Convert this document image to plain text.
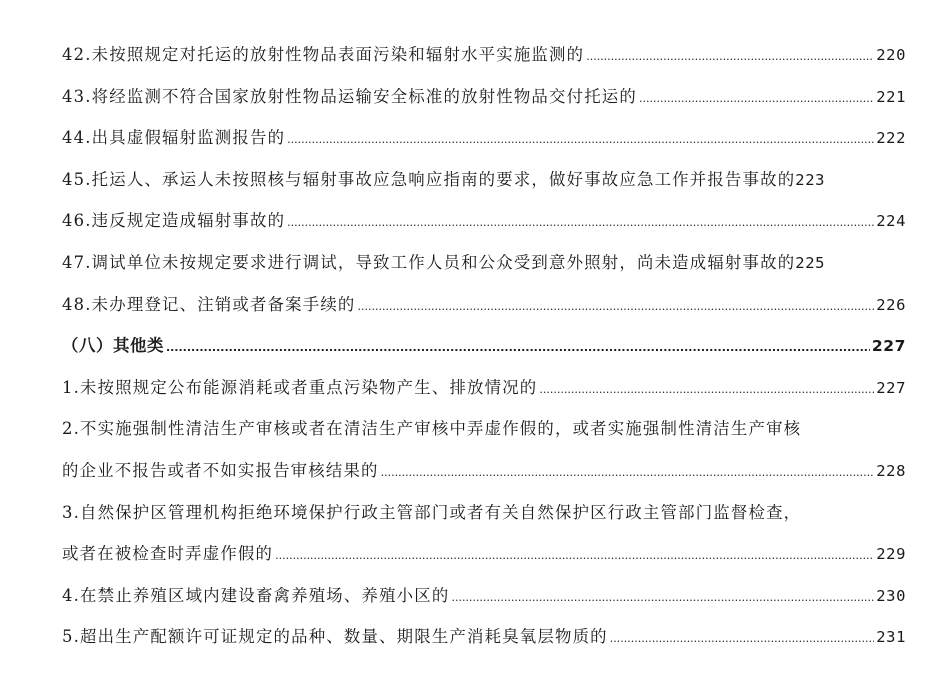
42.未按照规定对托运的放射性物品表面污染和辐射水平实施监测的 .....	220
43.将经监测不符合国家放射性物品运输安全标准的放射性物品交付托运的 .....	221
44.出具虚假辐射监测报告的 .....	222
45.托运人、承运人未按照核与辐射事故应急响应指南的要求，做好事故应急工作并报告事故的 223
46.违反规定造成辐射事故的 .....	224
47.调试单位未按规定要求进行调试，导致工作人员和公众受到意外照射，尚未造成辐射事故的 225
48.未办理登记、注销或者备案手续的 .....	226
（八）其他类 .....	227
1.未按照规定公布能源消耗或者重点污染物产生、排放情况的 .....	227
2.不实施强制性清洁生产审核或者在清洁生产审核中弄虚作假的，或者实施强制性清洁生产审核
的企业不报告或者不如实报告审核结果的 .....	228
3.自然保护区管理机构拒绝环境保护行政主管部门或者有关自然保护区行政主管部门监督检查，
或者在被检查时弄虚作假的 .....	229
4.在禁止养殖区域内建设畜禽养殖场、养殖小区的 .....	230
5.超出生产配额许可证规定的品种、数量、期限生产消耗臭氧层物质的 .....	231
